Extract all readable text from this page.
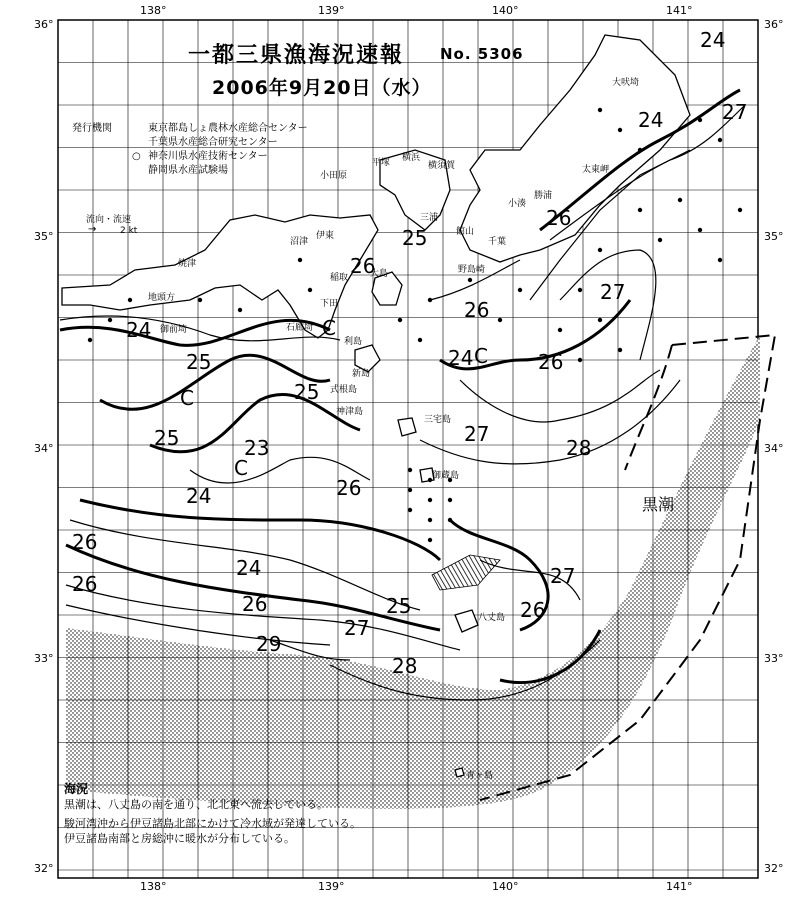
一都三県漁海況速報 No. 5306
2006年9月20日（水）
発行機関	東京都島しょ農林水産総合センター
千葉県水産総合研究センター
神奈川県水産技術センター
静岡県水産試験場
○
流向・流速
2 kt
→
138°	139°	140°	141°
138°	139°	140°	141°
36°
35°
34°
33°
32°
36°
35°
34°
33°
32°
大吠埼
太東岬
勝浦
小湊
千葉
館山
野島崎
横須賀
横浜
平塚
小田原
沼津
伊東
焼津
地頭方
御前埼	石廊埼
下田
稲取 大島
利島
新島
式根島
神津島
三宅島
御蔵島
八丈島
青ヶ島
三浦
24
27
24
26
27
25
26
26
24
25
25
C
26
24
C
C
25	23
C
24	26
27
28
26
26
24
26	25
27
26
27
29
28
黒潮
海況
黒潮は、八丈島の南を通り、北北東へ流去している。
駿河湾沖から伊豆諸島北部にかけて冷水域が発達している。
伊豆諸島南部と房総沖に暖水が分布している。
